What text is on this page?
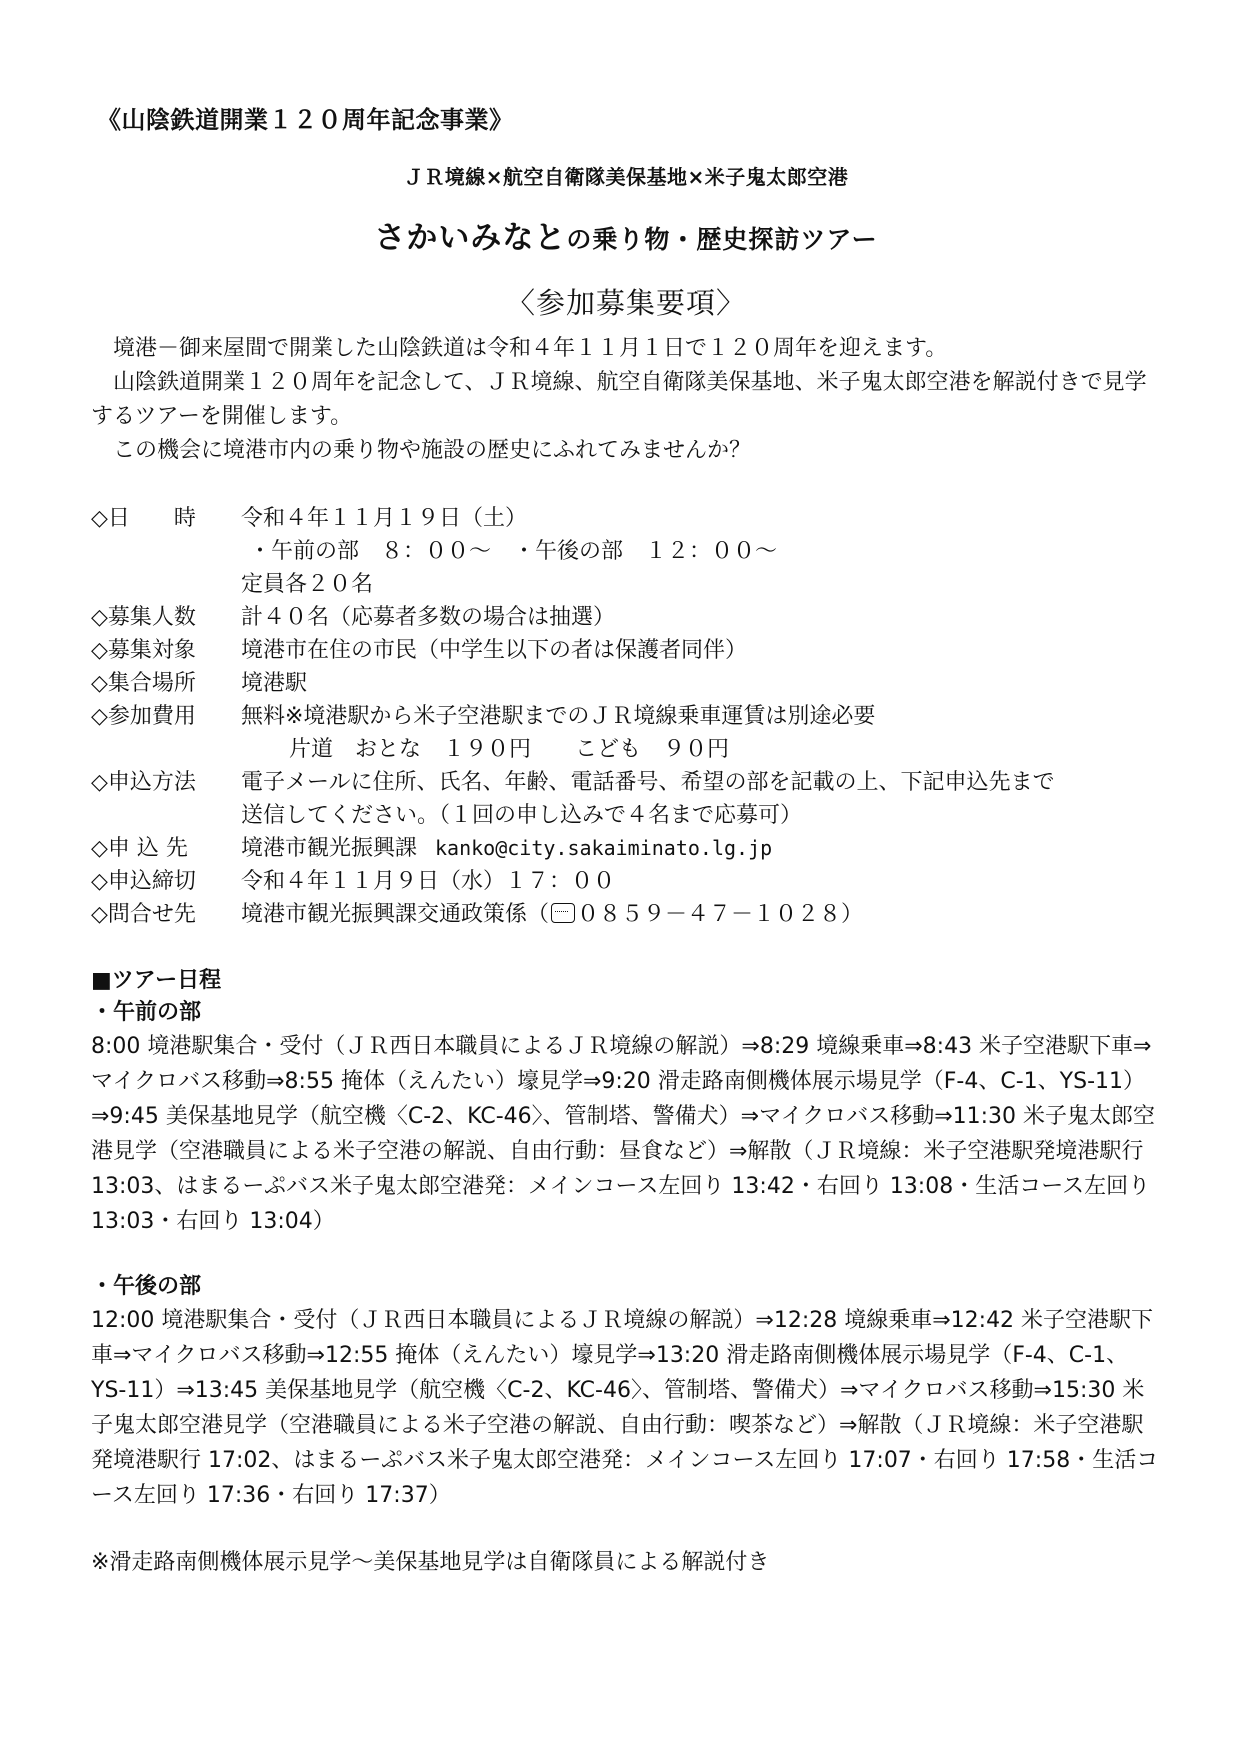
《山陰鉄道開業１２０周年記念事業》
ＪＲ境線×航空自衛隊美保基地×米子鬼太郎空港
さかいみなとの乗り物・歴史探訪ツアー
〈参加募集要項〉

境港－御来屋間で開業した山陰鉄道は令和４年１１月１日で１２０周年を迎えます。

山陰鉄道開業１２０周年を記念して、ＪＲ境線、航空自衛隊美保基地、米子鬼太郎空港を解説付きで見学するツアーを開催します。

この機会に境港市内の乗り物や施設の歴史にふれてみませんか？

◇日　　時	令和４年１１月１９日（土）
・午前の部　８：００～　・午後の部　１２：００～
定員各２０名
◇募集人数	計４０名（応募者多数の場合は抽選）
◇募集対象	境港市在住の市民（中学生以下の者は保護者同伴）
◇集合場所	境港駅
◇参加費用	無料※境港駅から米子空港駅までのＪＲ境線乗車運賃は別途必要
片道　おとな　１９０円　　こども　９０円
◇申込方法	電子メールに住所、氏名、年齢、電話番号、希望の部を記載の上、下記申込先まで
送信してください。（１回の申し込みで４名まで応募可）
◇申 込 先	境港市観光振興課 kanko@city.sakaiminato.lg.jp
◇申込締切	令和４年１１月９日（水）１７：００
◇問合せ先	境港市観光振興課交通政策係（ ０８５９－４７－１０２８）
■ツアー日程
・午前の部

8:00 境港駅集合・受付（ＪＲ西日本職員によるＪＲ境線の解説）⇒8:29 境線乗車⇒8:43 米子空港駅下車⇒マイクロバス移動⇒8:55 掩体（えんたい）壕見学⇒9:20 滑走路南側機体展示場見学（F-4、C-1、YS-11）⇒9:45 美保基地見学（航空機〈C-2、KC-46〉、管制塔、警備犬）⇒マイクロバス移動⇒11:30 米子鬼太郎空港見学（空港職員による米子空港の解説、自由行動：昼食など）⇒解散（ＪＲ境線：米子空港駅発境港駅行 13:03、はまるーぷバス米子鬼太郎空港発：メインコース左回り 13:42・右回り 13:08・生活コース左回り 13:03・右回り 13:04）

・午後の部

12:00 境港駅集合・受付（ＪＲ西日本職員によるＪＲ境線の解説）⇒12:28 境線乗車⇒12:42 米子空港駅下車⇒マイクロバス移動⇒12:55 掩体（えんたい）壕見学⇒13:20 滑走路南側機体展示場見学（F-4、C-1、YS-11）⇒13:45 美保基地見学（航空機〈C-2、KC-46〉、管制塔、警備犬）⇒マイクロバス移動⇒15:30 米子鬼太郎空港見学（空港職員による米子空港の解説、自由行動：喫茶など）⇒解散（ＪＲ境線：米子空港駅発境港駅行 17:02、はまるーぷバス米子鬼太郎空港発：メインコース左回り 17:07・右回り 17:58・生活コース左回り 17:36・右回り 17:37）

※滑走路南側機体展示見学～美保基地見学は自衛隊員による解説付き
